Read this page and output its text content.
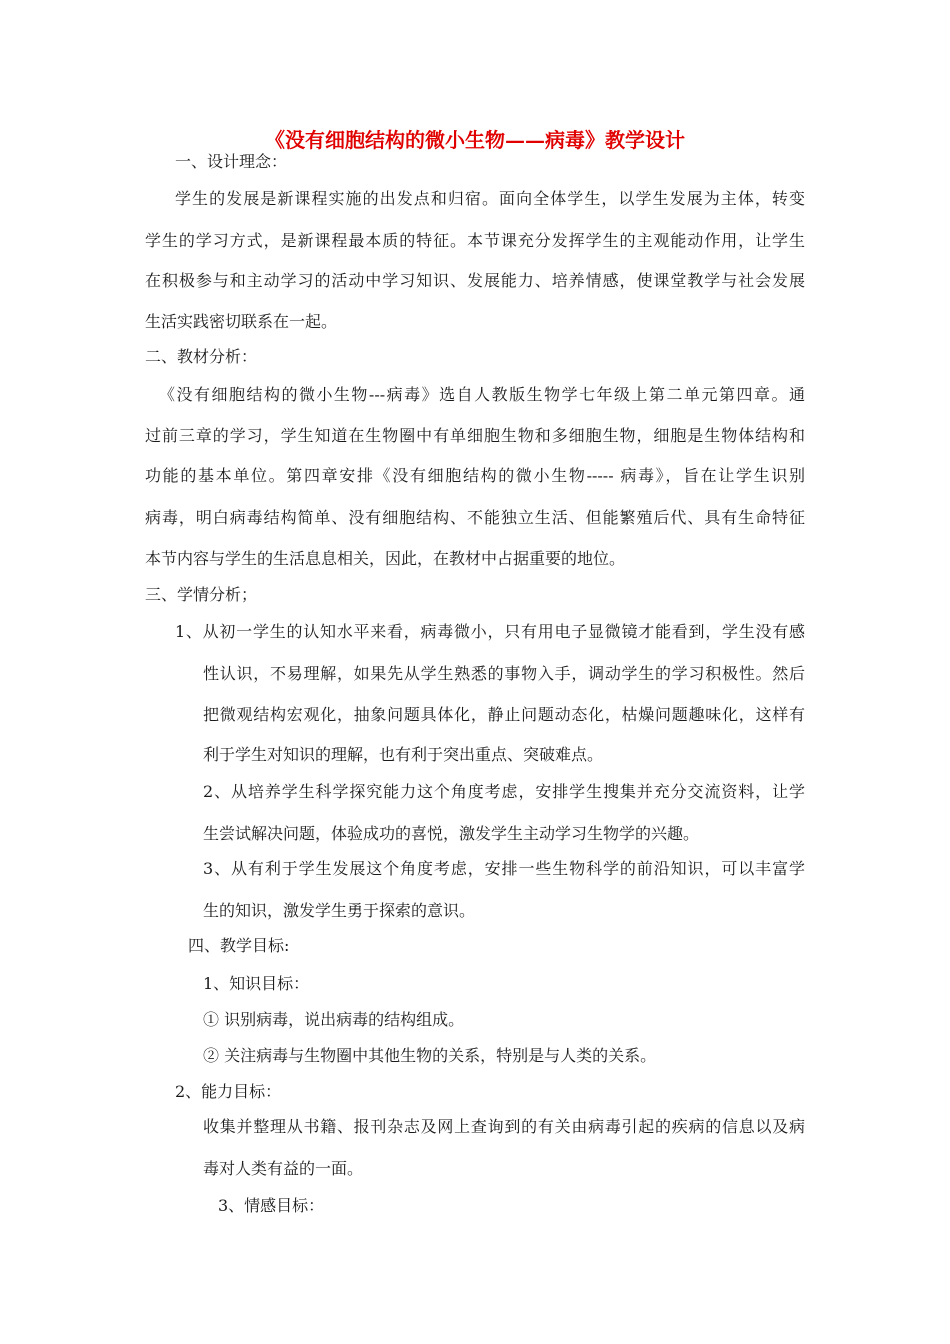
《没有细胞结构的微小生物——病毒》教学设计
一、设计理念：
学生的发展是新课程实施的出发点和归宿。面向全体学生，以学生发展为主体，转变
学生的学习方式，是新课程最本质的特征。本节课充分发挥学生的主观能动作用，让学生
在积极参与和主动学习的活动中学习知识、发展能力、培养情感，使课堂教学与社会发展
生活实践密切联系在一起。
二、教材分析：
《没有细胞结构的微小生物---病毒》选自人教版生物学七年级上第二单元第四章。通
过前三章的学习，学生知道在生物圈中有单细胞生物和多细胞生物，细胞是生物体结构和
功能的基本单位。第四章安排《没有细胞结构的微小生物----- 病毒》，旨在让学生识别
病毒，明白病毒结构简单、没有细胞结构、不能独立生活、但能繁殖后代、具有生命特征
本节内容与学生的生活息息相关，因此，在教材中占据重要的地位。
三、学情分析；
1、从初一学生的认知水平来看，病毒微小，只有用电子显微镜才能看到，学生没有感
性认识，不易理解，如果先从学生熟悉的事物入手，调动学生的学习积极性。然后
把微观结构宏观化，抽象问题具体化，静止问题动态化，枯燥问题趣味化，这样有
利于学生对知识的理解，也有利于突出重点、突破难点。
2、从培养学生科学探究能力这个角度考虑，安排学生搜集并充分交流资料，让学
生尝试解决问题，体验成功的喜悦，激发学生主动学习生物学的兴趣。
3、从有利于学生发展这个角度考虑，安排一些生物科学的前沿知识，可以丰富学
生的知识，激发学生勇于探索的意识。
四、教学目标:
1、知识目标：
① 识别病毒，说出病毒的结构组成。
② 关注病毒与生物圈中其他生物的关系，特别是与人类的关系。
2、能力目标：
收集并整理从书籍、报刊杂志及网上查询到的有关由病毒引起的疾病的信息以及病
毒对人类有益的一面。
3、情感目标：
